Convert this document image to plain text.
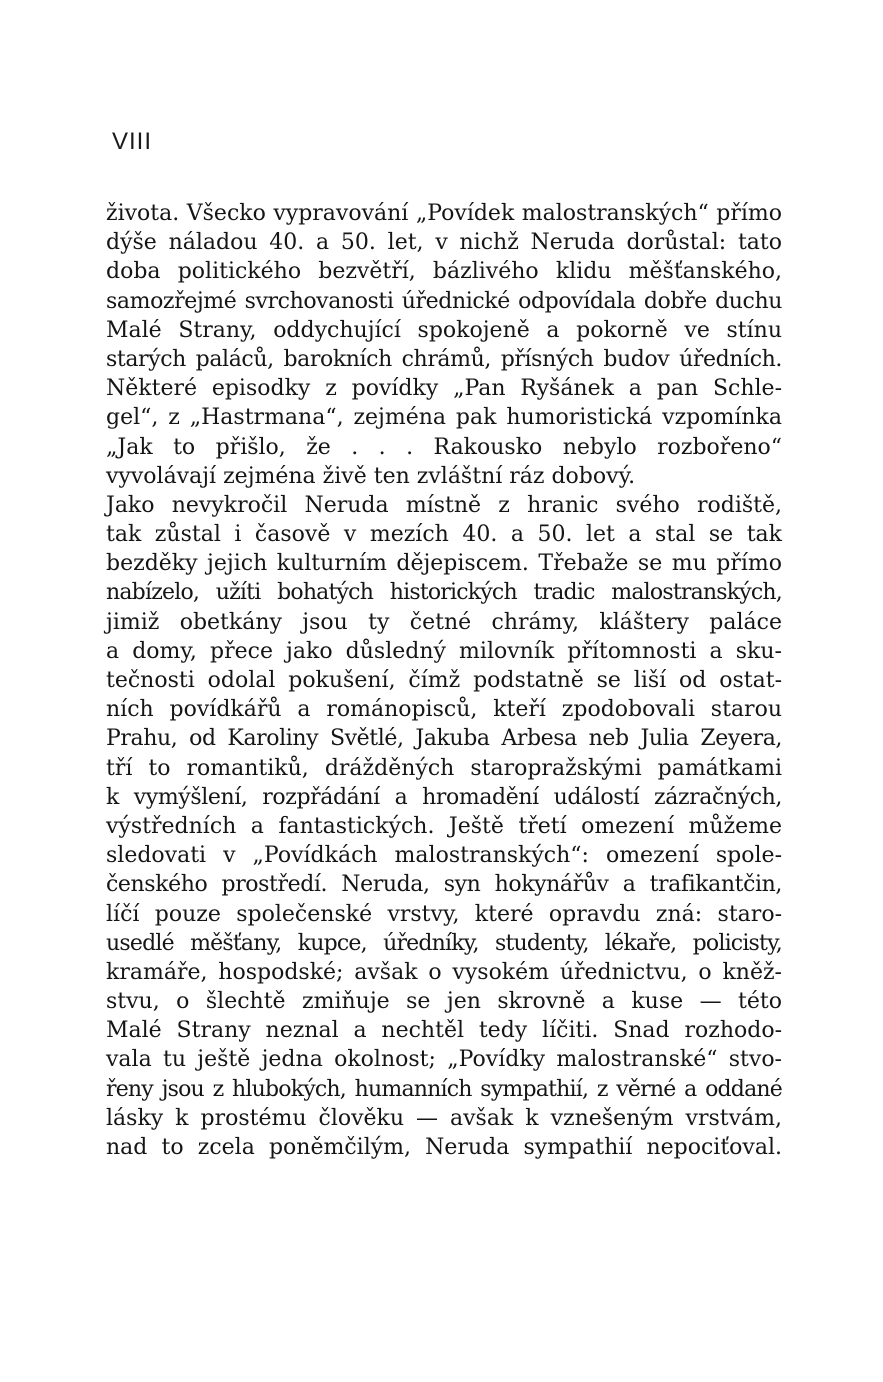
VIII
života. Všecko vypravování „Povídek malostranských“ přímo
dýše náladou 40. a 50. let, v nichž Neruda dorůstal: tato
doba politického bezvětří, bázlivého klidu měšťanského,
samozřejmé svrchovanosti úřednické odpovídala dobře duchu
Malé Strany, oddychující spokojeně a pokorně ve stínu
starých paláců, barokních chrámů, přísných budov úředních.
Některé episodky z povídky „Pan Ryšánek a pan Schle-
gel“, z „Hastrmana“, zejména pak humoristická vzpomínka
„Jak to přišlo, že . . . Rakousko nebylo rozbořeno“
vyvolávají zejména živě ten zvláštní ráz dobový.
Jako nevykročil Neruda místně z hranic svého rodiště,
tak zůstal i časově v mezích 40. a 50. let a stal se tak
bezděky jejich kulturním dějepiscem. Třebaže se mu přímo
nabízelo, užíti bohatých historických tradic malostranských,
jimiž obetkány jsou ty četné chrámy, kláštery paláce
a domy, přece jako důsledný milovník přítomnosti a sku-
tečnosti odolal pokušení, čímž podstatně se liší od ostat-
ních povídkářů a románopisců, kteří zpodobovali starou
Prahu, od Karoliny Světlé, Jakuba Arbesa neb Julia Zeyera,
tří to romantiků, drážděných staropražskými památkami
k vymýšlení, rozpřádání a hromadění událostí zázračných,
výstředních a fantastických. Ještě třetí omezení můžeme
sledovati v „Povídkách malostranských“: omezení spole-
čenského prostředí. Neruda, syn hokynářův a trafikantčin,
líčí pouze společenské vrstvy, které opravdu zná: staro-
usedlé měšťany, kupce, úředníky, studenty, lékaře, policisty,
kramáře, hospodské; avšak o vysokém úřednictvu, o kněž-
stvu, o šlechtě zmiňuje se jen skrovně a kuse — této
Malé Strany neznal a nechtěl tedy líčiti. Snad rozhodo-
vala tu ještě jedna okolnost; „Povídky malostranské“ stvo-
řeny jsou z hlubokých, humanních sympathií, z věrné a oddané
lásky k prostému člověku — avšak k vznešeným vrstvám,
nad to zcela poněmčilým, Neruda sympathií nepociťoval.
